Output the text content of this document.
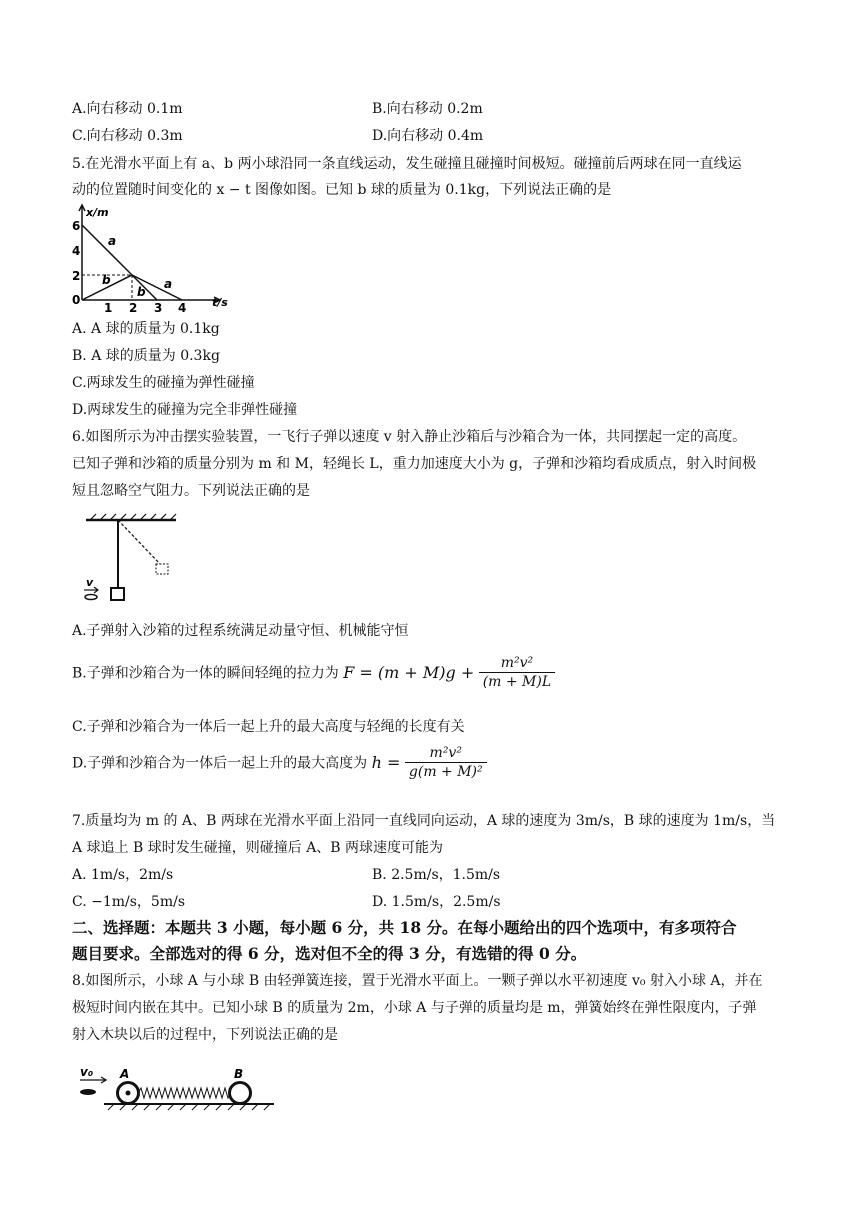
A.向右移动 0.1m	B.向右移动 0.2m
C.向右移动 0.3m	D.向右移动 0.4m
5.在光滑水平面上有 a、b 两小球沿同一条直线运动，发生碰撞且碰撞时间极短。碰撞前后两球在同一直线运
动的位置随时间变化的 x − t 图像如图。已知 b 球的质量为 0.1kg，下列说法正确的是
x/m
t/s
6
4
2
0
1 2 3 4
a
b
b
a
A. A 球的质量为 0.1kg
B. A 球的质量为 0.3kg
C.两球发生的碰撞为弹性碰撞
D.两球发生的碰撞为完全非弹性碰撞
6.如图所示为冲击摆实验装置，一飞行子弹以速度 v 射入静止沙箱后与沙箱合为一体，共同摆起一定的高度。
已知子弹和沙箱的质量分别为 m 和 M，轻绳长 L，重力加速度大小为 g，子弹和沙箱均看成质点，射入时间极
短且忽略空气阻力。下列说法正确的是
v
A.子弹射入沙箱的过程系统满足动量守恒、机械能守恒
B.子弹和沙箱合为一体的瞬间轻绳的拉力为 $F = (m + M)g + \frac{\text{m²v²}}{(m + M)L}$
C.子弹和沙箱合为一体后一起上升的最大高度与轻绳的长度有关
D.子弹和沙箱合为一体后一起上升的最大高度为 $h = \frac{\text{m²v²}}{\text{g(m + M)²}}$
7.质量均为 m 的 A、B 两球在光滑水平面上沿同一直线同向运动，A 球的速度为 3m/s，B 球的速度为 1m/s，当
A 球追上 B 球时发生碰撞，则碰撞后 A、B 两球速度可能为
A. 1m/s，2m/s	B. 2.5m/s，1.5m/s
C. −1m/s，5m/s	D. 1.5m/s，2.5m/s
二、选择题：本题共 3 小题，每小题 6 分，共 18 分。在每小题给出的四个选项中，有多项符合
题目要求。全部选对的得 6 分，选对但不全的得 3 分，有选错的得 0 分。
8.如图所示，小球 A 与小球 B 由轻弹簧连接，置于光滑水平面上。一颗子弹以水平初速度 v₀ 射入小球 A，并在
极短时间内嵌在其中。已知小球 B 的质量为 2m，小球 A 与子弹的质量均是 m，弹簧始终在弹性限度内，子弹
射入木块以后的过程中，下列说法正确的是
v₀ A	B
